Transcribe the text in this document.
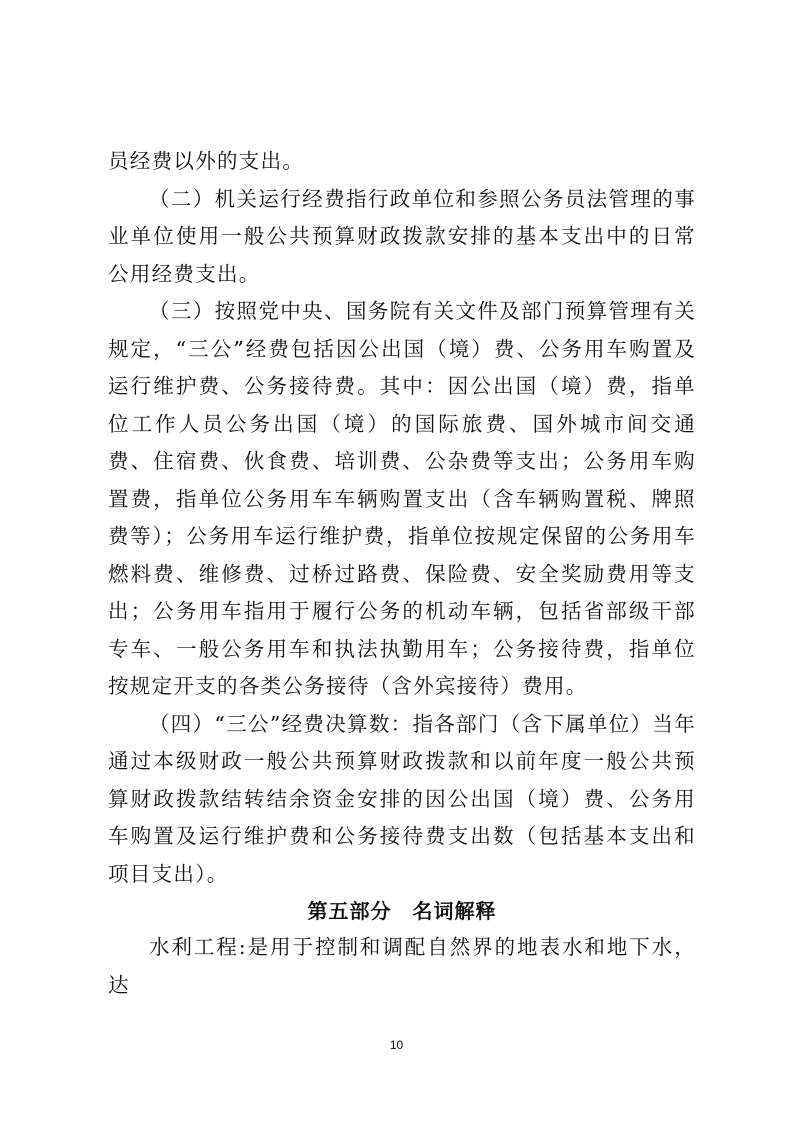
员经费以外的支出。

（二）机关运行经费指行政单位和参照公务员法管理的事业单位使用一般公共预算财政拨款安排的基本支出中的日常公用经费支出。

（三）按照党中央、国务院有关文件及部门预算管理有关规定，“三公”经费包括因公出国（境）费、公务用车购置及运行维护费、公务接待费。其中：因公出国（境）费，指单位工作人员公务出国（境）的国际旅费、国外城市间交通费、住宿费、伙食费、培训费、公杂费等支出；公务用车购置费，指单位公务用车车辆购置支出（含车辆购置税、牌照费等）；公务用车运行维护费，指单位按规定保留的公务用车燃料费、维修费、过桥过路费、保险费、安全奖励费用等支出；公务用车指用于履行公务的机动车辆，包括省部级干部专车、一般公务用车和执法执勤用车；公务接待费，指单位按规定开支的各类公务接待（含外宾接待）费用。

（四）“三公”经费决算数：指各部门（含下属单位）当年通过本级财政一般公共预算财政拨款和以前年度一般公共预算财政拨款结转结余资金安排的因公出国（境）费、公务用车购置及运行维护费和公务接待费支出数（包括基本支出和项目支出）。

第五部分　名词解释

水利工程:是用于控制和调配自然界的地表水和地下水，达

10
